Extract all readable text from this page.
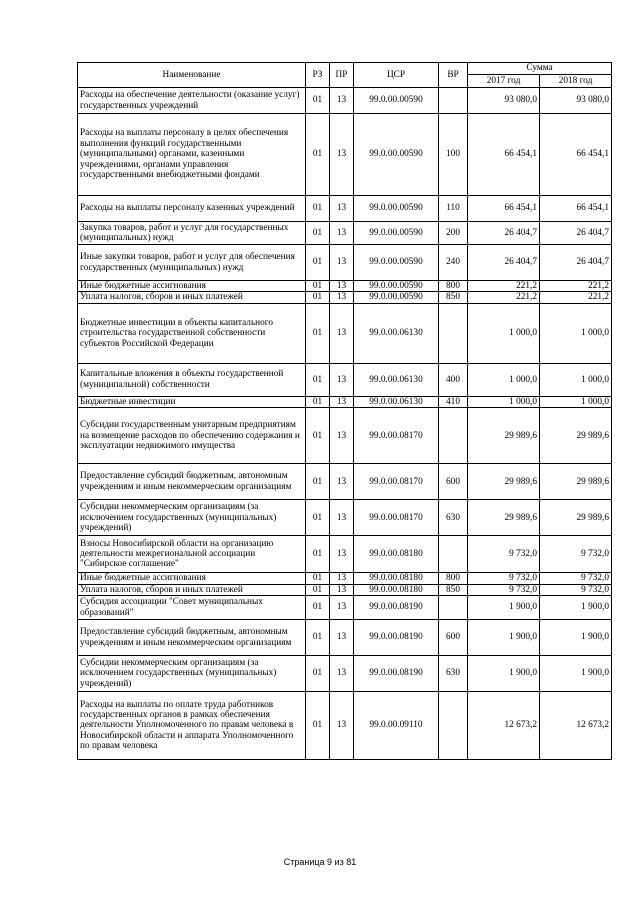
Наименование	РЗ	ПР	ЦСР	ВР	Сумма	
					2017 год	2018 год
Расходы на обеспечение деятельности (оказание услуг) государственных учреждений	01	13	99.0.00.00590		93 080,0	93 080,0
Расходы на выплаты персоналу в целях обеспечения выполнения функций государственными (муниципальными) органами, казенными учреждениями, органами управления государственными внебюджетными фондами	01	13	99.0.00.00590	100	66 454,1	66 454,1
Расходы на выплаты персоналу казенных учреждений	01	13	99.0.00.00590	110	66 454,1	66 454,1
Закупка товаров, работ и услуг для государственных (муниципальных) нужд	01	13	99.0.00.00590	200	26 404,7	26 404,7
Иные закупки товаров, работ и услуг для обеспечения государственных (муниципальных) нужд	01	13	99.0.00.00590	240	26 404,7	26 404,7
Иные бюджетные ассигнования	01	13	99.0.00.00590	800	221,2	221,2
Уплата налогов, сборов и иных платежей	01	13	99.0.00.00590	850	221,2	221,2
Бюджетные инвестиции в объекты капитального строительства государственной собственности субъектов Российской Федерации	01	13	99.0.00.06130		1 000,0	1 000,0
Капитальные вложения в объекты государственной (муниципальной) собственности	01	13	99.0.00.06130	400	1 000,0	1 000,0
Бюджетные инвестиции	01	13	99.0.00.06130	410	1 000,0	1 000,0
Субсидии государственным унитарным предприятиям на возмещение расходов по обеспечению содержания и эксплуатации недвижимого имущества	01	13	99.0.00.08170		29 989,6	29 989,6
Предоставление субсидий бюджетным, автономным учреждениям и иным некоммерческим организациям	01	13	99.0.00.08170	600	29 989,6	29 989,6
Субсидии некоммерческим организациям (за исключением государственных (муниципальных) учреждений)	01	13	99.0.00.08170	630	29 989,6	29 989,6
Взносы Новосибирской области на организацию деятельности межрегиональной ассоциации "Сибирское соглашение"	01	13	99.0.00.08180		9 732,0	9 732,0
Иные бюджетные ассигнования	01	13	99.0.00.08180	800	9 732,0	9 732,0
Уплата налогов, сборов и иных платежей	01	13	99.0.00.08180	850	9 732,0	9 732,0
Субсидия ассоциации "Совет муниципальных образований"	01	13	99.0.00.08190		1 900,0	1 900,0
Предоставление субсидий бюджетным, автономным учреждениям и иным некоммерческим организациям	01	13	99.0.00.08190	600	1 900,0	1 900,0
Субсидии некоммерческим организациям (за исключением государственных (муниципальных) учреждений)	01	13	99.0.00.08190	630	1 900,0	1 900,0
Расходы на выплаты по оплате труда работников государственных органов в рамках обеспечения деятельности Уполномоченного по правам человека в Новосибирской области и аппарата Уполномоченного по правам человека	01	13	99.0.00.09110		12 673,2	12 673,2
Страница 9 из 81
